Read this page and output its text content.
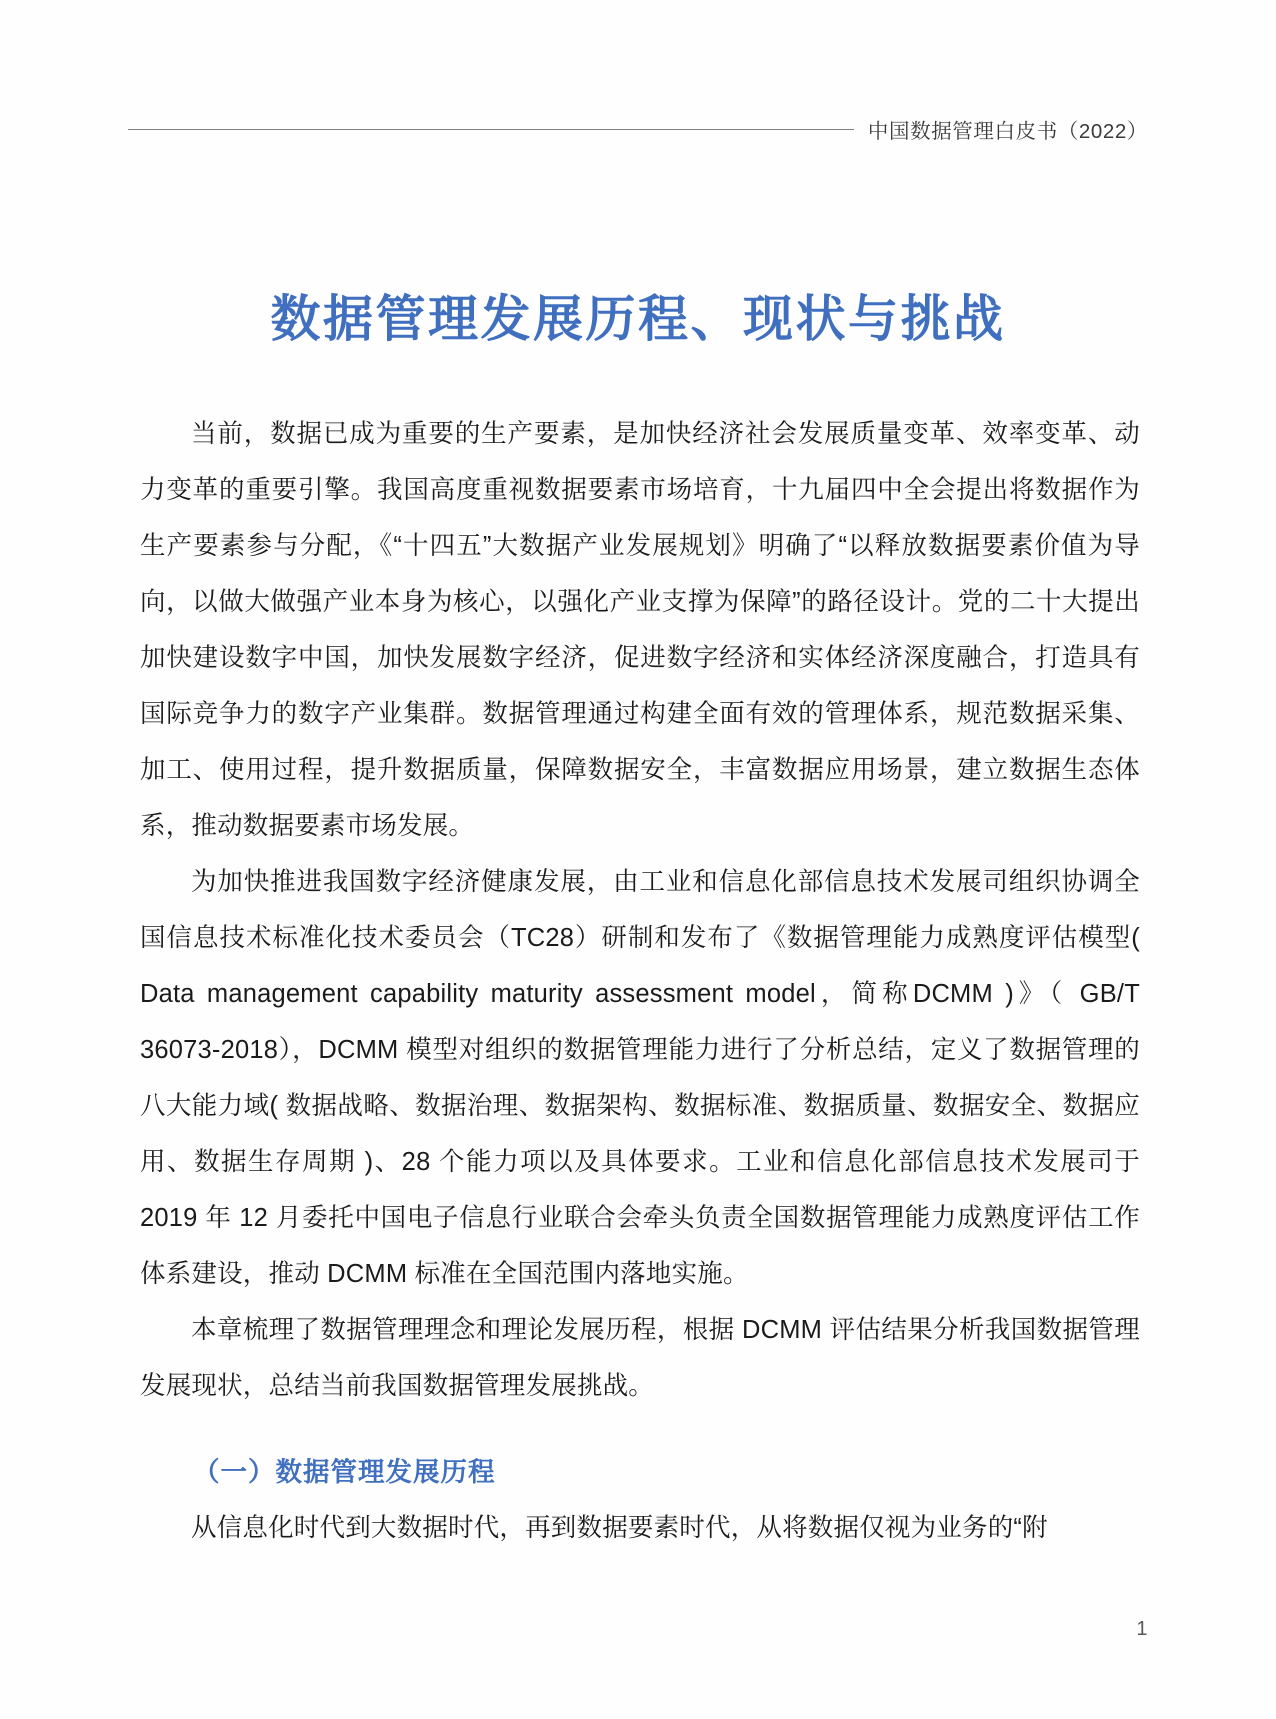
中国数据管理白皮书（2022）
数据管理发展历程、现状与挑战

当前，数据已成为重要的生产要素，是加快经济社会发展质量变革、效率变革、动力变革的重要引擎。我国高度重视数据要素市场培育，十九届四中全会提出将数据作为生产要素参与分配，《“十四五”大数据产业发展规划》明确了“以释放数据要素价值为导向，以做大做强产业本身为核心，以强化产业支撑为保障”的路径设计。党的二十大提出加快建设数字中国，加快发展数字经济，促进数字经济和实体经济深度融合，打造具有国际竞争力的数字产业集群。数据管理通过构建全面有效的管理体系，规范数据采集、加工、使用过程，提升数据质量，保障数据安全，丰富数据应用场景，建立数据生态体系，推动数据要素市场发展。

为加快推进我国数字经济健康发展，由工业和信息化部信息技术发展司组织协调全国信息技术标准化技术委员会（TC28）研制和发布了《数据管理能力成熟度评估模型( Data management capability maturity assessment model，简称DCMM )》（ GB/T 36073-2018），DCMM 模型对组织的数据管理能力进行了分析总结，定义了数据管理的八大能力域( 数据战略、数据治理、数据架构、数据标准、数据质量、数据安全、数据应用、数据生存周期 )、28 个能力项以及具体要求。工业和信息化部信息技术发展司于 2019 年 12 月委托中国电子信息行业联合会牵头负责全国数据管理能力成熟度评估工作体系建设，推动 DCMM 标准在全国范围内落地实施。

本章梳理了数据管理理念和理论发展历程，根据 DCMM 评估结果分析我国数据管理发展现状，总结当前我国数据管理发展挑战。

（一）数据管理发展历程

从信息化时代到大数据时代，再到数据要素时代，从将数据仅视为业务的“附

1
